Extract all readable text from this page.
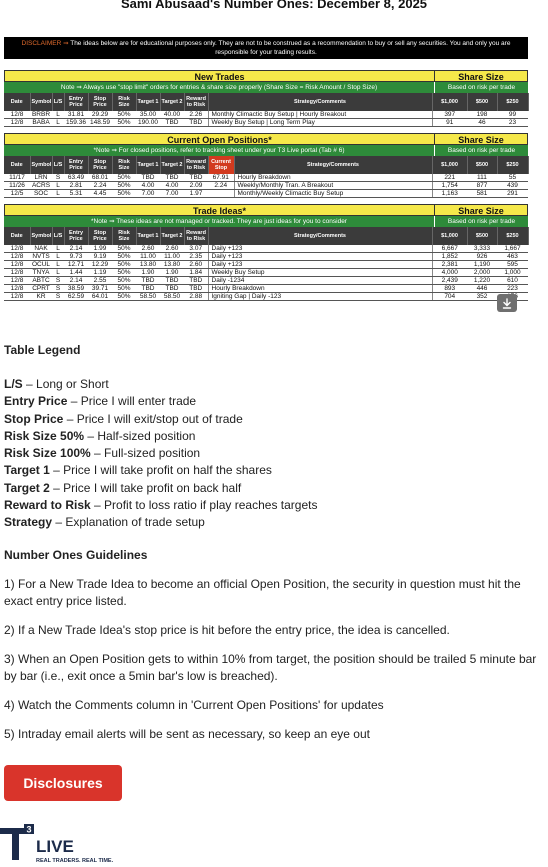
Sami Abusaad's Number Ones: December 8, 2025
DISCLAIMER ⇒ The ideas below are for educational purposes only. They are not to be construed as a recommendation to buy or sell any securities. You and only you are responsible for your trading results.
New Trades	Share Size
Note ⇒ Always use "stop limit" orders for entries & share size properly (Share Size = Risk Amount / Stop Size)	Based on risk per trade
Date	Symbol	L/S	Entry Price	Stop Price	Risk Size	Target 1	Target 2	Reward to Risk	Strategy/Comments	$1,000	$500	$250
12/8	BRBR	L	31.81	29.29	50%	35.00	40.00	2.26	Monthly Climactic Buy Setup | Hourly Breakout	397	198	99
12/8	BABA	L	159.36	148.59	50%	190.00	TBD	TBD	Weekly Buy Setup | Long Term Play	91	46	23
Current Open Positions*	Share Size
*Note ⇒ For closed positions, refer to tracking sheet under your T3 Live portal (Tab # 6)	Based on risk per trade
Date	Symbol	L/S	Entry Price	Stop Price	Risk Size	Target 1	Target 2	Reward to Risk	Current Stop	Strategy/Comments	$1,000	$500	$250
11/17	LRN	S	63.49	68.01	50%	TBD	TBD	TBD	67.91	Hourly Breakdown	221	111	55
11/26	ACRS	L	2.81	2.24	50%	4.00	4.00	2.09	2.24	Weekly/Monthly Tran. A Breakout	1,754	877	439
12/5	SOC	L	5.31	4.45	50%	7.00	7.00	1.97		Monthly/Weekly Climactic Buy Setup	1,163	581	291
Trade Ideas*	Share Size
*Note ⇒ These ideas are not managed or tracked. They are just ideas for you to consider	Based on risk per trade
Date	Symbol	L/S	Entry Price	Stop Price	Risk Size	Target 1	Target 2	Reward to Risk	Strategy/Comments	$1,000	$500	$250
12/8	NAK	L	2.14	1.99	50%	2.60	2.60	3.07	Daily +123	6,667	3,333	1,667
12/8	NVTS	L	9.73	9.19	50%	11.00	11.00	2.35	Daily +123	1,852	926	463
12/8	OCUL	L	12.71	12.29	50%	13.80	13.80	2.60	Daily +123	2,381	1,190	595
12/8	TNYA	L	1.44	1.19	50%	1.90	1.90	1.84	Weekly Buy Setup	4,000	2,000	1,000
12/8	ABTC	S	2.14	2.55	50%	TBD	TBD	TBD	Daily -1234	2,439	1,220	610
12/8	CPRT	S	38.59	39.71	50%	TBD	TBD	TBD	Hourly Breakdown	893	446	223
12/8	KR	S	62.59	64.01	50%	58.50	58.50	2.88	Igniting Gap | Daily -123	704	352	
Table Legend
L/S – Long or Short
Entry Price – Price I will enter trade
Stop Price – Price I will exit/stop out of trade
Risk Size 50% – Half-sized position
Risk Size 100% – Full-sized position
Target 1 – Price I will take profit on half the shares
Target 2 – Price I will take profit on back half
Reward to Risk – Profit to loss ratio if play reaches targets
Strategy – Explanation of trade setup
Number Ones Guidelines

1) For a New Trade Idea to become an official Open Position, the security in question must hit the exact entry price listed.

2) If a New Trade Idea's stop price is hit before the entry price, the idea is cancelled.

3) When an Open Position gets to within 10% from target, the position should be trailed 5 minute bar by bar (i.e., exit once a 5min bar's low is breached).

4) Watch the Comments column in 'Current Open Positions' for updates

5) Intraday email alerts will be sent as necessary, so keep an eye out

Disclosures
3
LIVE
REAL TRADERS. REAL TIME.
